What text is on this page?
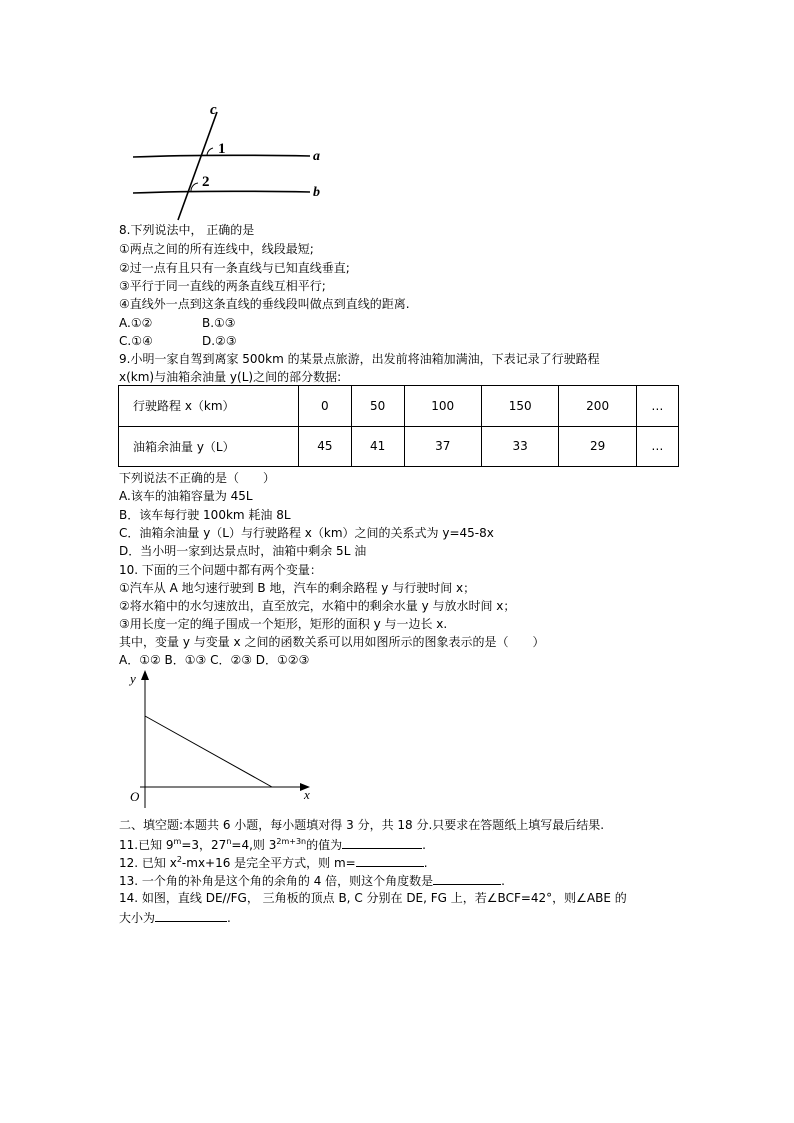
c
a
b
1
2
8.下列说法中， 正确的是
①两点之间的所有连线中，线段最短;
②过一点有且只有一条直线与已知直线垂直;
③平行于同一直线的两条直线互相平行;
④直线外一点到这条直线的垂线段叫做点到直线的距离.
A.①②	B.①③
C.①④	D.②③
9.小明一家自驾到离家 500km 的某景点旅游，出发前将油箱加满油，下表记录了行驶路程
x(km)与油箱余油量 y(L)之间的部分数据:
行驶路程 x（km）	0	50	100	150	200	…
油箱余油量 y（L）	45	41	37	33	29	…
下列说法不正确的是（　　）
A.该车的油箱容量为 45L
B．该车每行驶 100km 耗油 8L
C．油箱余油量 y（L）与行驶路程 x（km）之间的关系式为 y=45-8x
D．当小明一家到达景点时，油箱中剩余 5L 油
10. 下面的三个问题中都有两个变量：
①汽车从 A 地匀速行驶到 B 地，汽车的剩余路程 y 与行驶时间 x；
②将水箱中的水匀速放出，直至放完，水箱中的剩余水量 y 与放水时间 x；
③用长度一定的绳子围成一个矩形，矩形的面积 y 与一边长 x.
其中，变量 y 与变量 x 之间的函数关系可以用如图所示的图象表示的是（　　）
A．①② B．①③ C．②③ D．①②③
y
x
O
二、填空题:本题共 6 小题，每小题填对得 3 分，共 18 分.只要求在答题纸上填写最后结果.
11.已知 $9^m=3$，$27^n=4$,则 $3^{2m+3n}$的值为	.
12. 已知 $x^2-mx+16$ 是完全平方式，则 m=	.
13. 一个角的补角是这个角的余角的 4 倍，则这个角度数是	.
14. 如图，直线 DE//FG， 三角板的顶点 B, C 分别在 DE, FG 上，若∠BCF=42°，则∠ABE 的
大小为	.
